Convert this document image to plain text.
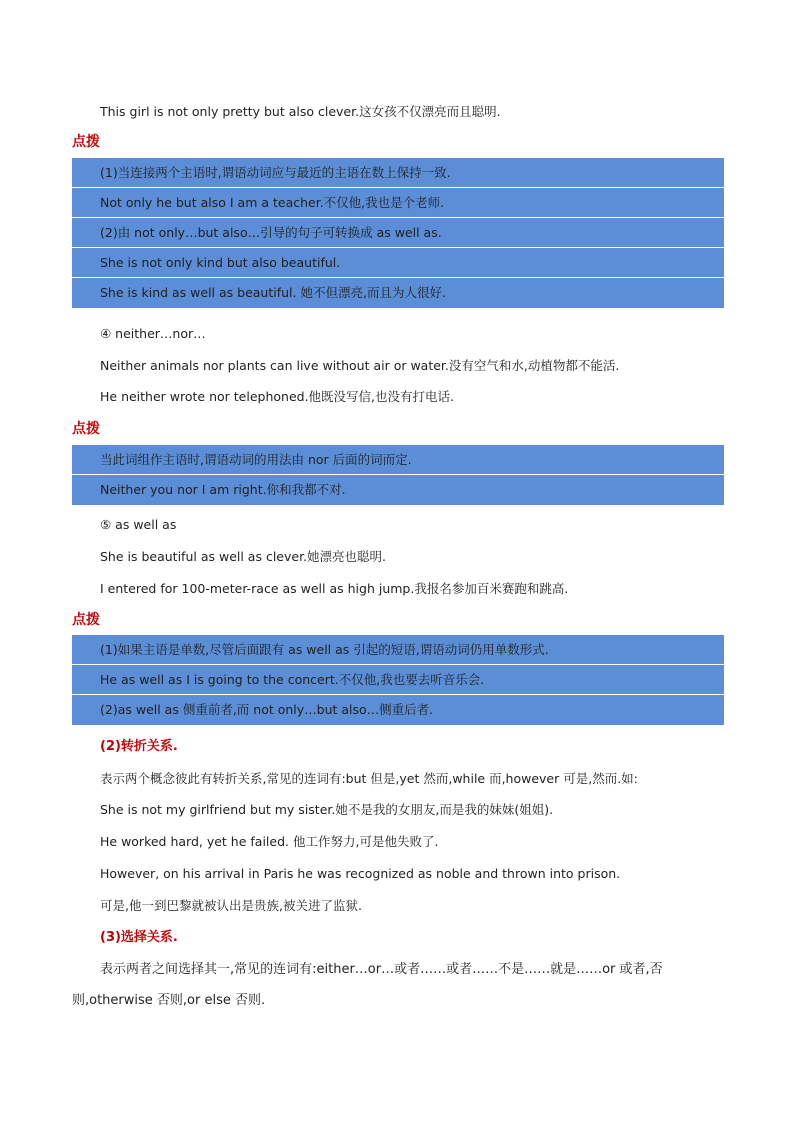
This girl is not only pretty but also clever.这女孩不仅漂亮而且聪明.
点拨
(1)当连接两个主语时,谓语动词应与最近的主语在数上保持一致.
Not only he but also I am a teacher.不仅他,我也是个老师.
(2)由 not only…but also…引导的句子可转换成 as well as.
She is not only kind but also beautiful.
She is kind as well as beautiful. 她不但漂亮,而且为人很好.
④ neither…nor…
Neither animals nor plants can live without air or water.没有空气和水,动植物都不能活.
He neither wrote nor telephoned.他既没写信,也没有打电话.
点拨
当此词组作主语时,谓语动词的用法由 nor 后面的词而定.
Neither you nor I am right.你和我都不对.
⑤ as well as
She is beautiful as well as clever.她漂亮也聪明.
I entered for 100-meter-race as well as high jump.我报名参加百米赛跑和跳高.
点拨
(1)如果主语是单数,尽管后面跟有 as well as 引起的短语,谓语动词仍用单数形式.
He as well as I is going to the concert.不仅他,我也要去听音乐会.
(2)as well as 侧重前者,而 not only…but also…侧重后者.
(2)转折关系.
表示两个概念彼此有转折关系,常见的连词有:but 但是,yet 然而,while 而,however 可是,然而.如:
She is not my girlfriend but my sister.她不是我的女朋友,而是我的妹妹(姐姐).
He worked hard, yet he failed. 他工作努力,可是他失败了.
However, on his arrival in Paris he was recognized as noble and thrown into prison.
可是,他一到巴黎就被认出是贵族,被关进了监狱.
(3)选择关系.
表示两者之间选择其一,常见的连词有:either…or…或者……或者……不是……就是……or 或者,否则,otherwise 否则,or else 否则.
